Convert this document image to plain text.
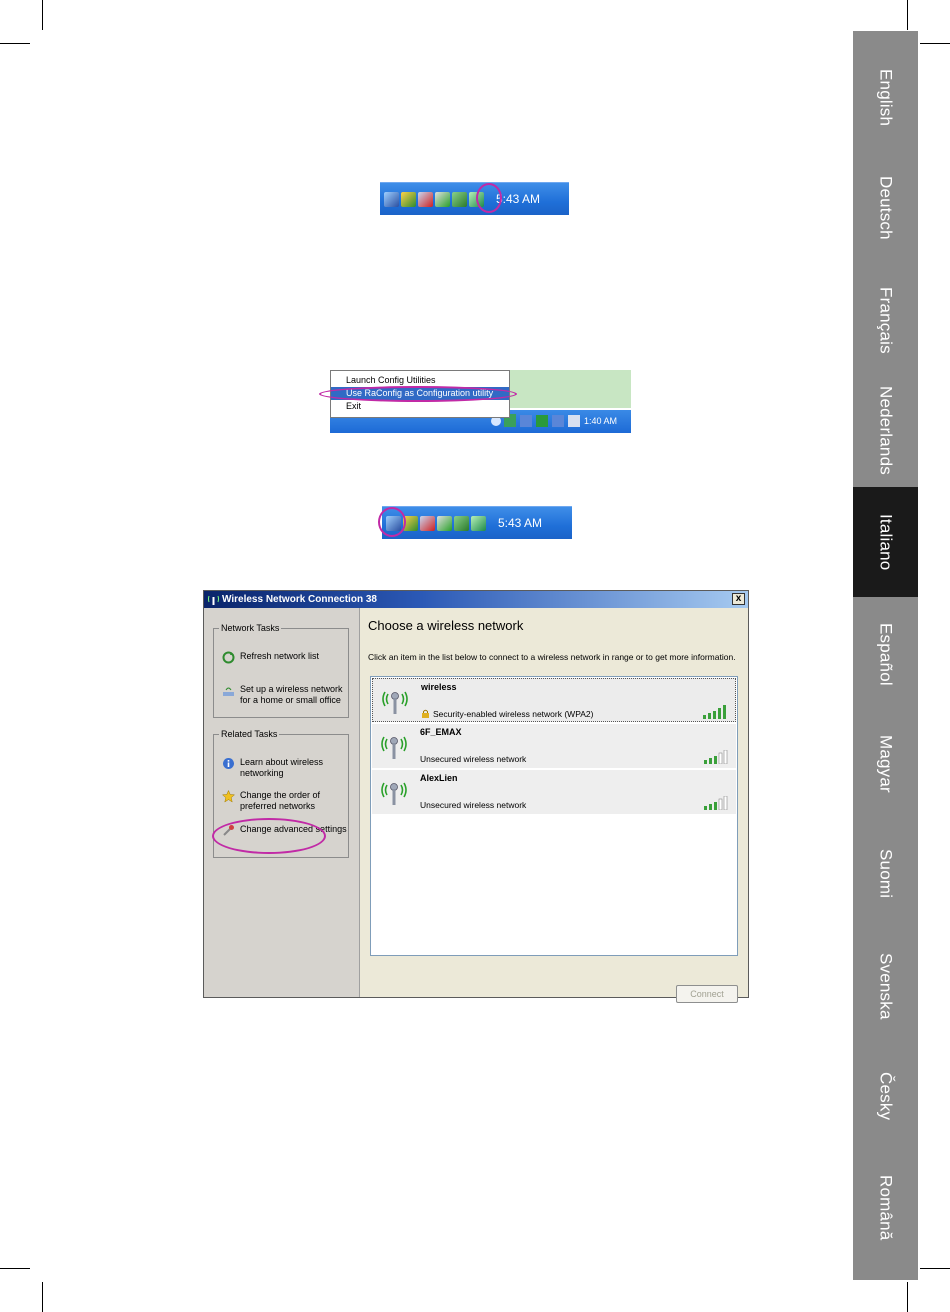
English
Deutsch
Français
Nederlands
Italiano
Español
Magyar
Suomi
Svenska
Česky
Română
5:43 AM
Launch Config Utilities
Use RaConfig as Configuration utility
Exit
1:40 AM
5:43 AM
Wireless Network Connection 38	x
Network Tasks
Refresh network list
Set up a wireless network for a home or small office
Related Tasks
Learn about wireless networking
Change the order of preferred networks
Change advanced settings
Choose a wireless network
Click an item in the list below to connect to a wireless network in range or to get more information.
wireless
Security-enabled wireless network (WPA2)
6F_EMAX
Unsecured wireless network
AlexLien
Unsecured wireless network
Connect
